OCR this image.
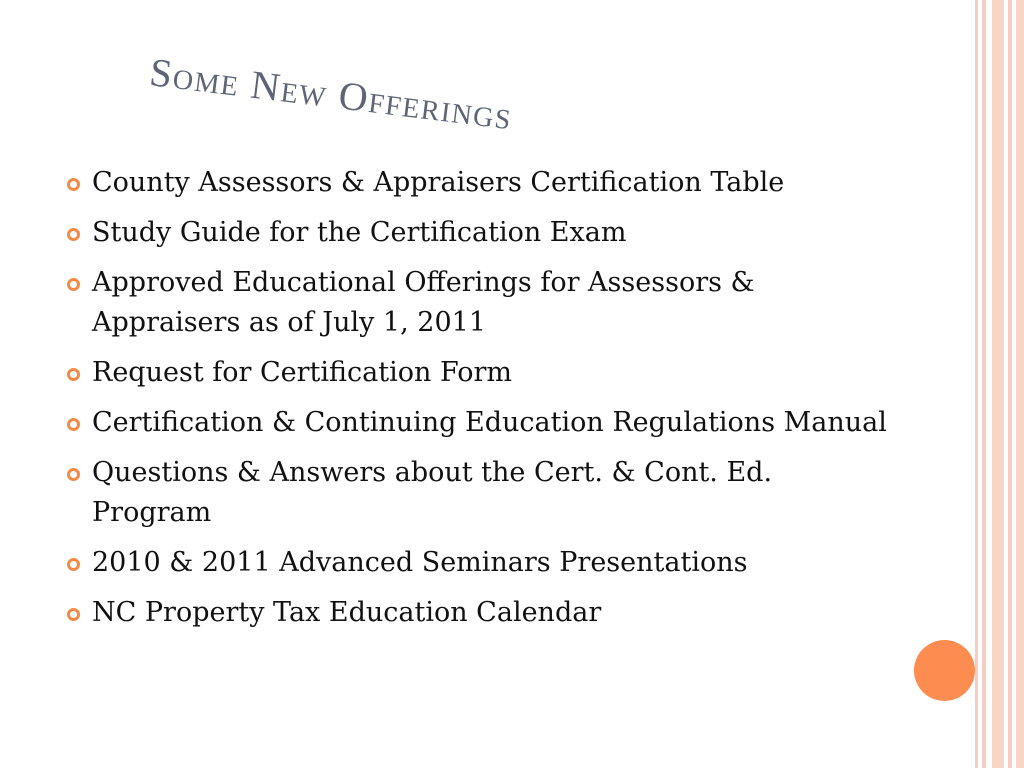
Some New Offerings
County Assessors & Appraisers Certification Table
Study Guide for the Certification Exam
Approved Educational Offerings for Assessors & Appraisers as of July 1, 2011
Request for Certification Form
Certification & Continuing Education Regulations Manual
Questions & Answers about the Cert. & Cont. Ed. Program
2010 & 2011 Advanced Seminars Presentations
NC Property Tax Education Calendar
